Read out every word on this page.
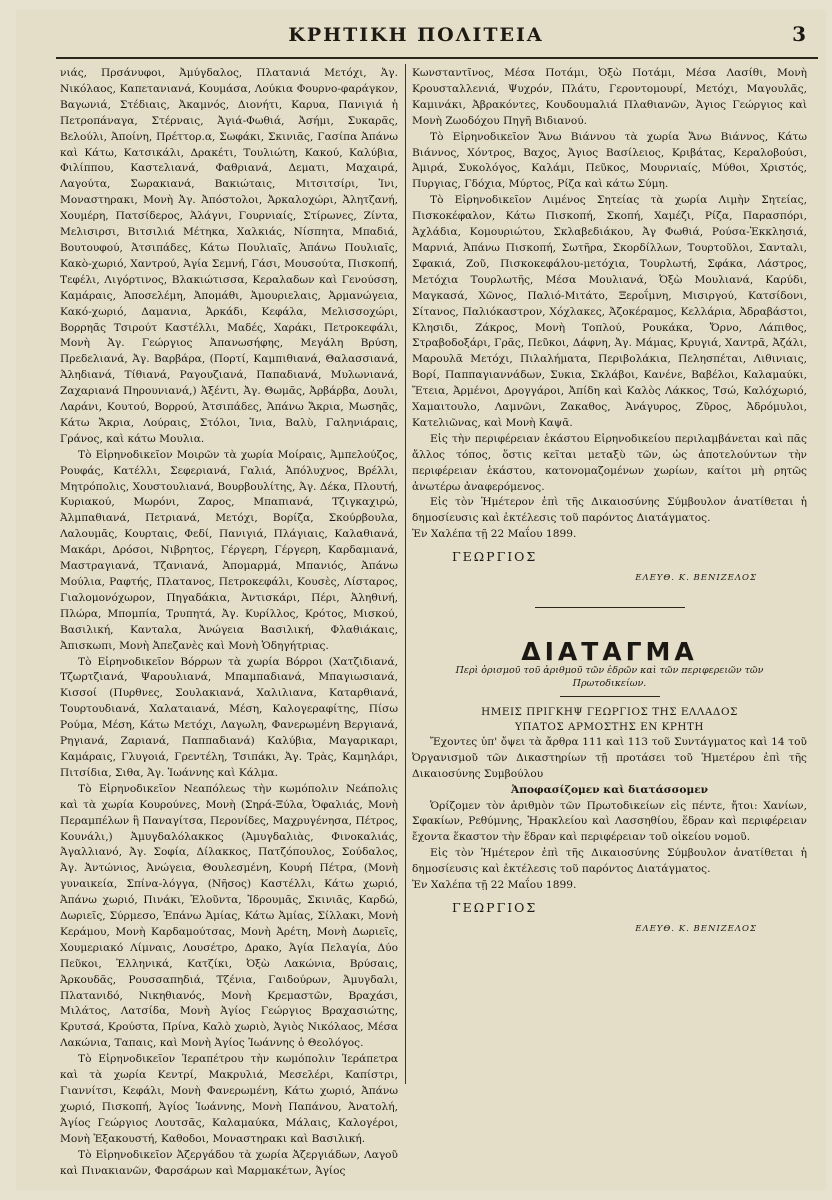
ΚΡΗΤΙΚΗ ΠΟΛΙΤΕΙΑ	3

νιάς, Πρσάνυφοι, Ἀμύγδαλος, Πλατανιά Μετόχι, Ἀγ. Νικόλαος, Καπετανιανά, Κουμάσα, Λούκια Φουρνο-φαράγκον, Βαγωνιά, Στέδιαις, Ἀκαμνός, Διονήτι, Καρυα, Πανιγιά ἡ Πετροπάναγα, Στέρναις, Ἀγιά-Φωθιά, Ἀσήμι, Συκαρᾶς, Βελούλι, Ἀποίνη, Πρέττορ.α, Σωφάκι, Σκινιᾶς, Γασίπα Ἀπάνω καὶ Κάτω, Κατσικάλι, Δρακέτι, Τουλιώτη, Κακού, Καλύβια, Φιλίππου, Καστελιανά, Φαθριανά, Δεματι, Μαχαιρά, Λαγούτα, Σωρακιανά, Βακιώταις, Μιτσιτσίρι, Ἰνι, Μοναστηρακι, Μονὴ Ἀγ. Ἀπόστολοι, Ἀρκαλοχώρι, Ἀλητζανή, Χουμέρη, Πατσίδερος, Ἀλάγνι, Γουρνιαίς, Στίρωνες, Ζίντα, Μελισιρσι, Βιτσιλιά Μέτηκα, Χαλκιάς, Νίσπητα, Μπαδιά, Βουτουφού, Ἀτσιπάδες, Κάτω Πουλιαῖς, Ἀπάνω Πουλιαῖς, Κακὸ-χωριό, Χαντρού, Ἀγία Σεμνή, Γάσι, Μουσούτα, Πισκοπή, Τεφέλι, Λιγόρτινος, Βλακιώτισσα, Κεραλαδων καὶ Γενούσση, Καμάραις, Ἀποσελέμη, Ἀπομάθι, Ἀμουριελαις, Ἀρμανώγεια, Κακό-χωριό, Δαμανια, Ἀρκάδι, Κεφάλα, Μελισσοχώρι, Βορρηᾶς Τσιρούτ Καστέλλι, Μαδές, Χαράκι, Πετροκεφάλι, Μονὴ Ἀγ. Γεώργιος Ἀπανωσήφης, Μεγάλη Βρύση, Πρεδελιανά, Ἀγ. Βαρβάρα, (Πορτί, Καμπιθιανά, Θαλασσιανά, Ἀληδιανά, Τίθιανά, Ραγουζιανά, Παπαδιανά, Μυλωνιανά, Ζαχαριανά Πηρουνιανά,) Ἀξέντι, Ἀγ. Θωμᾶς, Ἀρβάρβα, Δουλι, Λαράνι, Κουτού, Βορρού, Ἀτσιπάδες, Ἀπάνω Ἄκρια, Μωσηᾶς, Κάτω Ἄκρια, Λούραις, Στόλοι, Ἰνια, Βαλὺ, Γαληνιάραις, Γράνος, καὶ κάτω Μουλια.

Τὸ Εἰρηνοδικεῖον Μοιρῶν τὰ χωρία Μοίραις, Ἀμπελούζος, Ρουφάς, Κατέλλι, Σεφεριανά, Γαλιά, Ἀπόλυχνος, Βρέλλι, Μητρόπολις, Χουστουλιανά, Βουρβουλίτης, Ἀγ. Δέκα, Πλουτή, Κυριακού, Μωρόνι, Ζαρος, Μπαπιανά, Τζιγκαχιρώ, Ἀλμπαθιανά, Πετριανά, Μετόχι, Βορίζα, Σκούρβουλα, Λαλουμᾶς, Κουρταις, Φεδί, Πανιγιά, Πλάγιαις, Καλαθιανά, Μακάρι, Δρόσοι, Νιβρητος, Γέργερη, Γέργερη, Καρδαμιανά, Μαστραγιανά, Τζανιανά, Ἀπομαρμά, Μπανιός, Ἀπάνω Μούλια, Ραφτής, Πλατανος, Πετροκεφάλι, Κουσὲς, Λίσταρος, Γιαλομονόχωρον, Πηγαδάκια, Ἀντισκάρι, Πέρι, Ἀληθινή, Πλώρα, Μπομπία, Τρυπητά, Ἀγ. Κυρίλλος, Κρότος, Μισκού, Βασιλική, Κανταλα, Ἀνώγεια Βασιλική, Φλαθιάκαις, Ἀπισκωπι, Μονὴ Ἀπεζανὲς καὶ Μονὴ Ὁδηγήτριας.

Τὸ Εἰρηνοδικεῖον Βόρρων τὰ χωρία Βόρροι (Χατζιδιανά, Τζωρτζιανά, Ψαρουλιανά, Μπαμπαδιανά, Μπαγιωσιανά, Κισσοί (Πυρθνες, Σουλακιανά, Χαλιλιανα, Καταρθιανά, Τουρτουδιανά, Χαλαταιανά, Μέση, Καλογεραφίτης, Πίσω Ρούμα, Μέση, Κάτω Μετόχι, Λαγωλη, Φανερωμένη Βεργιανά, Ρηγιανά, Ζαριανά, Παππαδιανά) Καλύβια, Μαγαρικαρι, Καμάραις, Γλυγοιά, Γρεντέλη, Τσιπάκι, Ἀγ. Τρὰς, Καμηλάρι, Πιτσίδια, Σιθα, Ἀγ. Ἰωάννης καὶ Κάλμα.

Τὸ Εἰρηνοδικεῖον Νεαπόλεως τὴν κωμόπολιν Νεάπολις καὶ τὰ χωρία Κουρούνες, Μονὴ (Σηρά-Ξύλα, Ὀφαλιάς, Μονὴ Περαμπέλων ἢ Παναγίτσα, Περονίδες, Μαχρυγένησα, Πέτρος, Κουνάλι,) Ἀμυγδαλόλακκος (Ἀμυγδαλιὰς, Φινοκαλιάς, Ἀγαλλιανό, Ἀγ. Σοφία, Δίλακκος, Πατζόπουλος, Σούδαλος, Ἀγ. Ἀντώνιος, Ἀνώγεια, Θουλεσμένη, Κουρή Πέτρα, (Μονὴ γυναικεία, Σπίνα-λόγγα, (Νῆσος) Καστέλλι, Κάτω χωριό, Ἀπάνω χωριό, Πινάκι, Ἐλοῦντα, Ἰδρουμᾶς, Σκινιᾶς, Καρδώ, Δωριεῖς, Σύρμεσο, Ἐπάνω Ἀμίας, Κάτω Ἀμίας, Σίλλακι, Μονὴ Κεράμου, Μονὴ Καρδαμούτσας, Μονὴ Ἀρέτη, Μονὴ Δωριεῖς, Χουμεριακό Λίμναις, Λουσέτρο, Δρακο, Ἀγία Πελαγία, Δύο Πεῦκοι, Ἐλληνικά, Κατζίκι, Ὀξὼ Λακώνια, Βρύσαις, Ἀρκουδᾶς, Ρουσσαπηδιά, Τζένια, Γαιδούρων, Ἀμυγδαλι, Πλατανιδό, Νικηθιανός, Μονὴ Κρεμαστῶν, Βραχάσι, Μιλάτος, Λατσίδα, Μονὴ Ἀγίος Γεώργιος Βραχασιώτης, Κρυτσά, Κρούστα, Πρίνα, Καλὸ χωριὸ, Ἀγιὸς Νικόλαος, Μέσα Λακώνια, Ταπαις, καὶ Μονὴ Ἀγίος Ἰωάννης ὁ Θεολόγος.

Τὸ Εἰρηνοδικεῖον Ἱεραπέτρου τὴν κωμόπολιν Ἱεράπετρα καὶ τὰ χωρία Κεντρί, Μακρυλιά, Μεσελέρι, Καπίστρι, Γιαννίτσι, Κεφάλι, Μονὴ Φανερωμένη, Κάτω χωριό, Ἀπάνω χωριό, Πισκοπή, Ἀγίος Ἰωάννης, Μονὴ Παπάνου, Ἀνατολή, Ἀγίος Γεώργιος Λουτσᾶς, Καλαμαύκα, Μάλαις, Καλογέροι, Μονὴ Ἐξακουστή, Καθοδοι, Μοναστηρακι καὶ Βασιλική.

Τὸ Εἰρηνοδικεῖον Ἀζεργάδου τὰ χωρία Ἀζεργιάδων, Λαγοῦ καὶ Πινακιανῶν, Φαρσάρων καὶ Μαρμακέτων, Ἀγίος

Κωνσταντῖνος, Μέσα Ποτάμι, Ὀξὼ Ποτάμι, Μέσα Λασίθι, Μονὴ Κρουσταλλενιά, Ψυχρόν, Πλάτυ, Γεροντομουρί, Μετόχι, Μαγουλᾶς, Καμινάκι, Ἀβρακόντες, Κουδουμαλιά Πλαθιανῶν, Ἀγιος Γεώργιος καὶ Μονὴ Ζωοδόχου Πηγῆ Βιδιανού.

Τὸ Εἰρηνοδικεῖον Ἄνω Βιάννου τὰ χωρία Ἄνω Βιάννος, Κάτω Βιάννος, Χόντρος, Βαχος, Ἀγιος Βασίλειος, Κριβάτας, Κεραλοβούσι, Ἀμιρά, Συκολόγος, Καλάμι, Πεῦκος, Μουρνιαίς, Μύθοι, Χριστός, Πυργιας, Γδόχια, Μύρτος, Ρίζα καὶ κάτω Σύμη.

Τὸ Εἰρηνοδικεῖον Λιμένος Σητείας τὰ χωρία Λιμὴν Σητείας, Πισκοκέφαλον, Κάτω Πισκοπή, Σκοπή, Χαμέζι, Ρίζα, Παρασπόρι, Ἀχλάδια, Κομουριώτου, Σκλαβεδιάκου, Ἀγ Φωθιά, Ρούσα-Ἐκκλησιά, Μαρνιά, Ἀπάνω Πισκοπή, Σωτῆρα, Σκορδίλλων, Τουρτοῦλοι, Σανταλι, Σφακιά, Ζοῦ, Πισκοκεφάλου-μετόχια, Τουρλωτή, Σφάκα, Λάστρος, Μετόχια Τουρλωτῆς, Μέσα Μουλιανά, Ὀξὼ Μουλιανά, Καρύδι, Μαγκασά, Χῶνος, Παλιό-Μιτάτο, Ξεροΐμνη, Μισιργού, Κατσίδονι, Σίτανος, Παλιόκαστρον, Χόχλακες, Ἀζοκέραμος, Κελλάρια, Ἀδραβάστοι, Κλησιδι, Ζάκρος, Μονὴ Τοπλού, Ρουκάκα, Ὄρνο, Λάπιθος, Στραβοδοξάρι, Γρᾶς, Πεῦκοι, Δάφνη, Ἀγ. Μάμας, Κρυγιά, Χαντρᾶ, Ἀζάλι, Μαρουλᾶ Μετόχι, Πιλαλήματα, Περιβολάκια, Πελησπέται, Λιθινιαις, Βορί, Παππαγιαννάδων, Συκια, Σκλάβοι, Κανένε, Βαβέλοι, Καλαμαύκι, Ἔτεια, Ἀρμένοι, Δρογγάροι, Ἀπίδη καὶ Καλὸς Λάκκος, Τσώ, Καλόχωριό, Χαμαιτουλο, Λαμνῶνι, Ζακαθος, Ἀνάγυρος, Ζῦρος, Ἀδρόμυλοι, Κατελιῶνας, καὶ Μονὴ Καψᾶ.

Εἰς τὴν περιφέρειαν ἑκάστου Εἰρηνοδικείου περιλαμβάνεται καὶ πᾶς ἄλλος τόπος, ὅστις κεῖται μεταξὺ τῶν, ὡς ἀποτελούντων τὴν περιφέρειαν ἑκάστου, κατονομαζομένων χωρίων, καίτοι μὴ ρητῶς ἀνωτέρω ἀναφερόμενος.

Εἰς τὸν Ἡμέτερον ἐπὶ τῆς Δικαιοσύνης Σύμβουλον ἀνατίθεται ἡ δημοσίευσις καὶ ἐκτέλεσις τοῦ παρόντος Διατάγματος.

Ἐν Χαλέπα τῇ 22 Μαΐου 1899.

ΓΕΩΡΓΙΟΣ
ΕΛΕΥΘ. Κ. ΒΕΝΙΖΕΛΟΣ
ΔΙΑΤΑΓΜΑ
Περὶ ὁρισμοῦ τοῦ ἀριθμοῦ τῶν ἑδρῶν καὶ τῶν περιφερειῶν τῶν Πρωτοδικείων.
ΗΜΕΙΣ ΠΡΙΓΚΗΨ ΓΕΩΡΓΙΟΣ ΤΗΣ ΕΛΛΑΔΟΣ
ΥΠΑΤΟΣ ΑΡΜΟΣΤΗΣ ΕΝ ΚΡΗΤΗ

Ἔχοντες ὑπ' ὄψει τὰ ἄρθρα 111 καὶ 113 τοῦ Συντάγματος καὶ 14 τοῦ Ὀργανισμοῦ τῶν Δικαστηρίων τῇ προτάσει τοῦ Ἡμετέρου ἐπὶ τῆς Δικαιοσύνης Συμβούλου

Ἀποφασίζομεν καὶ διατάσσομεν

Ὁρίζομεν τὸν ἀριθμὸν τῶν Πρωτοδικείων εἰς πέντε, ἤτοι: Χανίων, Σφακίων, Ρεθύμνης, Ἡρακλείου καὶ Λασσηθίου, ἕδραν καὶ περιφέρειαν ἔχοντα ἕκαστον τὴν ἕδραν καὶ περιφέρειαν τοῦ οἰκείου νομοῦ.

Εἰς τὸν Ἡμέτερον ἐπὶ τῆς Δικαιοσύνης Σύμβουλον ἀνατίθεται ἡ δημοσίευσις καὶ ἐκτέλεσις τοῦ παρόντος Διατάγματος.

Ἐν Χαλέπα τῇ 22 Μαΐου 1899.

ΓΕΩΡΓΙΟΣ
ΕΛΕΥΘ. Κ. ΒΕΝΙΖΕΛΟΣ
